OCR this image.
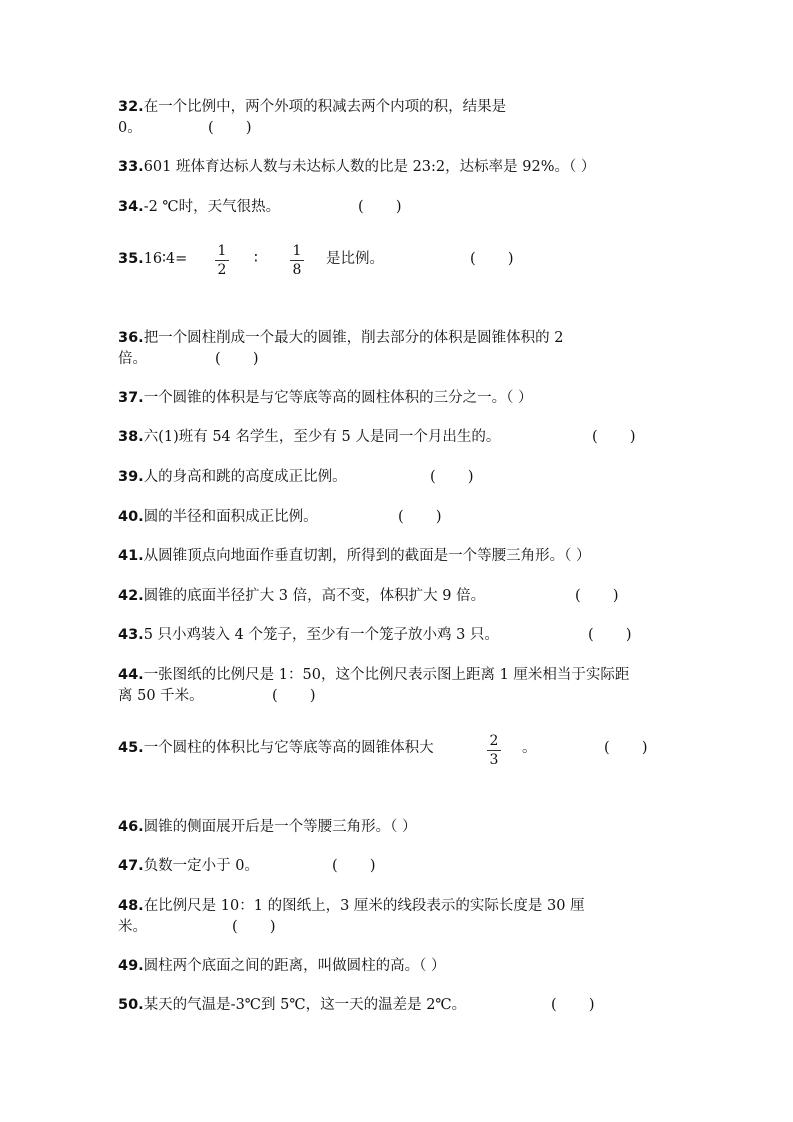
32.在一个比例中，两个外项的积减去两个内项的积，结果是
0。	(       )
33.601 班体育达标人数与未达标人数的比是 23:2，达标率是 92%。（ ）
34.-2 ℃时，天气很热。	(       )
35.16∶4= 1
2
∶ 1
8
是比例。	(       )
36.把一个圆柱削成一个最大的圆锥，削去部分的体积是圆锥体积的 2
倍。	(       )
37.一个圆锥的体积是与它等底等高的圆柱体积的三分之一。（ ）
38.六(1)班有 54 名学生，至少有 5 人是同一个月出生的。	(       )
39.人的身高和跳的高度成正比例。	(       )
40.圆的半径和面积成正比例。	(       )
41.从圆锥顶点向地面作垂直切割，所得到的截面是一个等腰三角形。（ ）
42.圆锥的底面半径扩大 3 倍，高不变，体积扩大 9 倍。	(       )
43.5 只小鸡装入 4 个笼子，至少有一个笼子放小鸡 3 只。	(       )
44.一张图纸的比例尺是 1：50，这个比例尺表示图上距离 1 厘米相当于实际距
离 50 千米。	(       )
45.一个圆柱的体积比与它等底等高的圆锥体积大	2
3
。	(       )
46.圆锥的侧面展开后是一个等腰三角形。（ ）
47.负数一定小于 0。	(       )
48.在比例尺是 10：1 的图纸上，3 厘米的线段表示的实际长度是 30 厘
米。	(       )
49.圆柱两个底面之间的距离，叫做圆柱的高。（ ）
50.某天的气温是-3℃到 5℃，这一天的温差是 2℃。	(       )
